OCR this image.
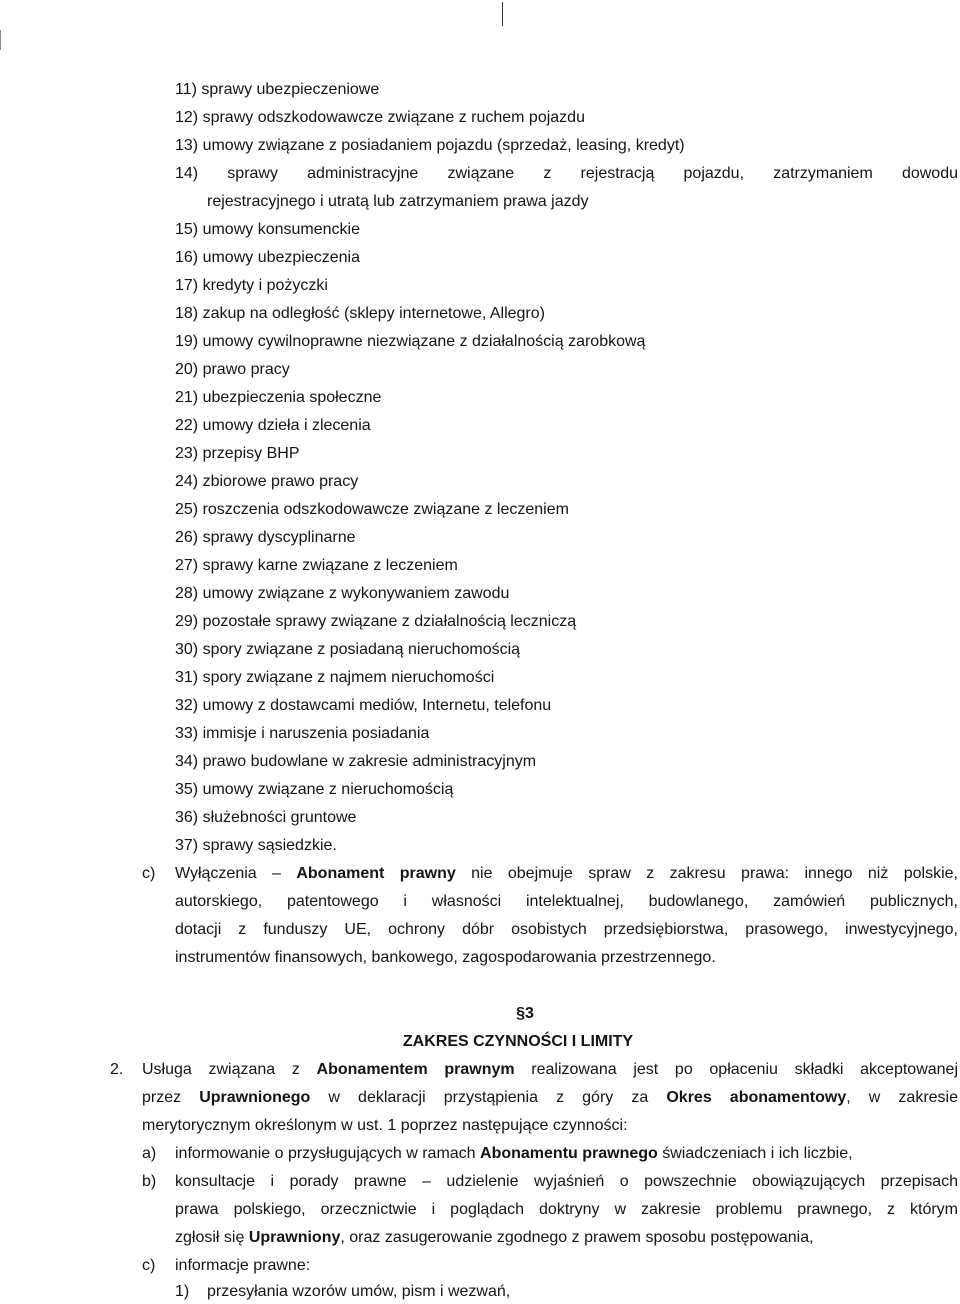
11) sprawy ubezpieczeniowe
12) sprawy odszkodowawcze związane z ruchem pojazdu
13) umowy związane z posiadaniem pojazdu (sprzedaż, leasing, kredyt)
14) sprawy administracyjne związane z rejestracją pojazdu, zatrzymaniem dowodu
rejestracyjnego i utratą lub zatrzymaniem prawa jazdy
15) umowy konsumenckie
16) umowy ubezpieczenia
17) kredyty i pożyczki
18) zakup na odległość (sklepy internetowe, Allegro)
19) umowy cywilnoprawne niezwiązane z działalnością zarobkową
20) prawo pracy
21) ubezpieczenia społeczne
22) umowy dzieła i zlecenia
23) przepisy BHP
24) zbiorowe prawo pracy
25) roszczenia odszkodowawcze związane z leczeniem
26) sprawy dyscyplinarne
27) sprawy karne związane z leczeniem
28) umowy związane z wykonywaniem zawodu
29) pozostałe sprawy związane z działalnością leczniczą
30) spory związane z posiadaną nieruchomością
31) spory związane z najmem nieruchomości
32) umowy z dostawcami mediów, Internetu, telefonu
33) immisje i naruszenia posiadania
34) prawo budowlane w zakresie administracyjnym
35) umowy związane z nieruchomością
36) służebności gruntowe
37) sprawy sąsiedzkie.
c) Wyłączenia – Abonament prawny nie obejmuje spraw z zakresu prawa: innego niż polskie,
autorskiego, patentowego i własności intelektualnej, budowlanego, zamówień publicznych,
dotacji z funduszy UE, ochrony dóbr osobistych przedsiębiorstwa, prasowego, inwestycyjnego,
instrumentów finansowych, bankowego, zagospodarowania przestrzennego.
§3
ZAKRES CZYNNOŚCI I LIMITY
2. Usługa związana z Abonamentem prawnym realizowana jest po opłaceniu składki akceptowanej
przez Uprawnionego w deklaracji przystąpienia z góry za Okres abonamentowy, w zakresie
merytorycznym określonym w ust. 1 poprzez następujące czynności:
a) informowanie o przysługujących w ramach Abonamentu prawnego świadczeniach i ich liczbie,
b) konsultacje i porady prawne – udzielenie wyjaśnień o powszechnie obowiązujących przepisach
prawa polskiego, orzecznictwie i poglądach doktryny w zakresie problemu prawnego, z którym
zgłosił się Uprawniony, oraz zasugerowanie zgodnego z prawem sposobu postępowania,
c) informacje prawne:
1) przesyłania wzorów umów, pism i wezwań,
